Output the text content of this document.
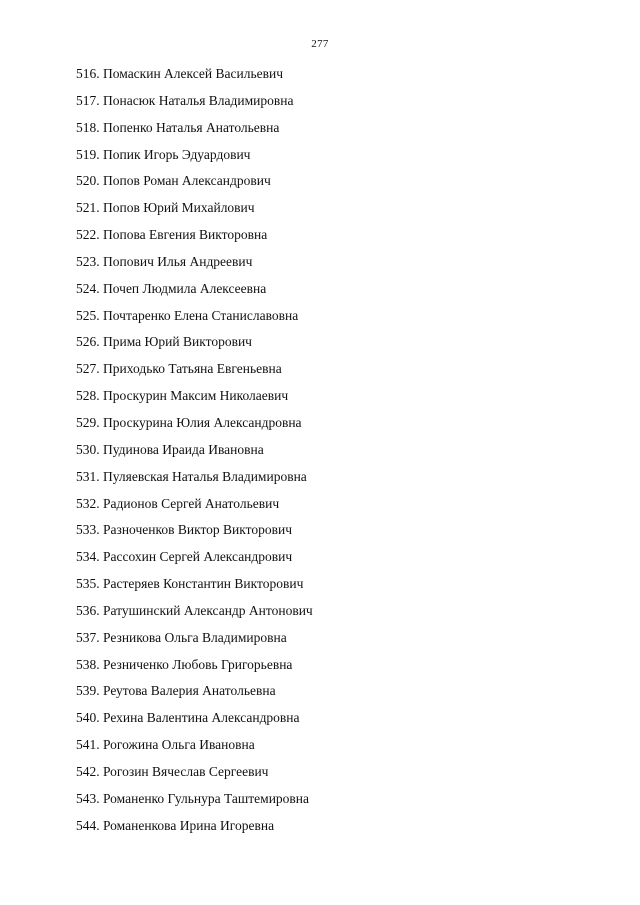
277
516. Помаскин Алексей Васильевич
517. Понасюк Наталья Владимировна
518. Попенко Наталья Анатольевна
519. Попик Игорь Эдуардович
520. Попов Роман Александрович
521. Попов Юрий Михайлович
522. Попова Евгения Викторовна
523. Попович Илья Андреевич
524. Почеп Людмила Алексеевна
525. Почтаренко Елена Станиславовна
526. Прима Юрий Викторович
527. Приходько Татьяна Евгеньевна
528. Проскурин Максим Николаевич
529. Проскурина Юлия Александровна
530. Пудинова Ираида Ивановна
531. Пуляевская Наталья Владимировна
532. Радионов Сергей Анатольевич
533. Разноченков Виктор Викторович
534. Рассохин Сергей Александрович
535. Растеряев Константин Викторович
536. Ратушинский Александр Антонович
537. Резникова Ольга Владимировна
538. Резниченко Любовь Григорьевна
539. Реутова Валерия Анатольевна
540. Рехина Валентина Александровна
541. Рогожина Ольга Ивановна
542. Рогозин Вячеслав Сергеевич
543. Романенко Гульнура Таштемировна
544. Романенкова Ирина Игоревна
